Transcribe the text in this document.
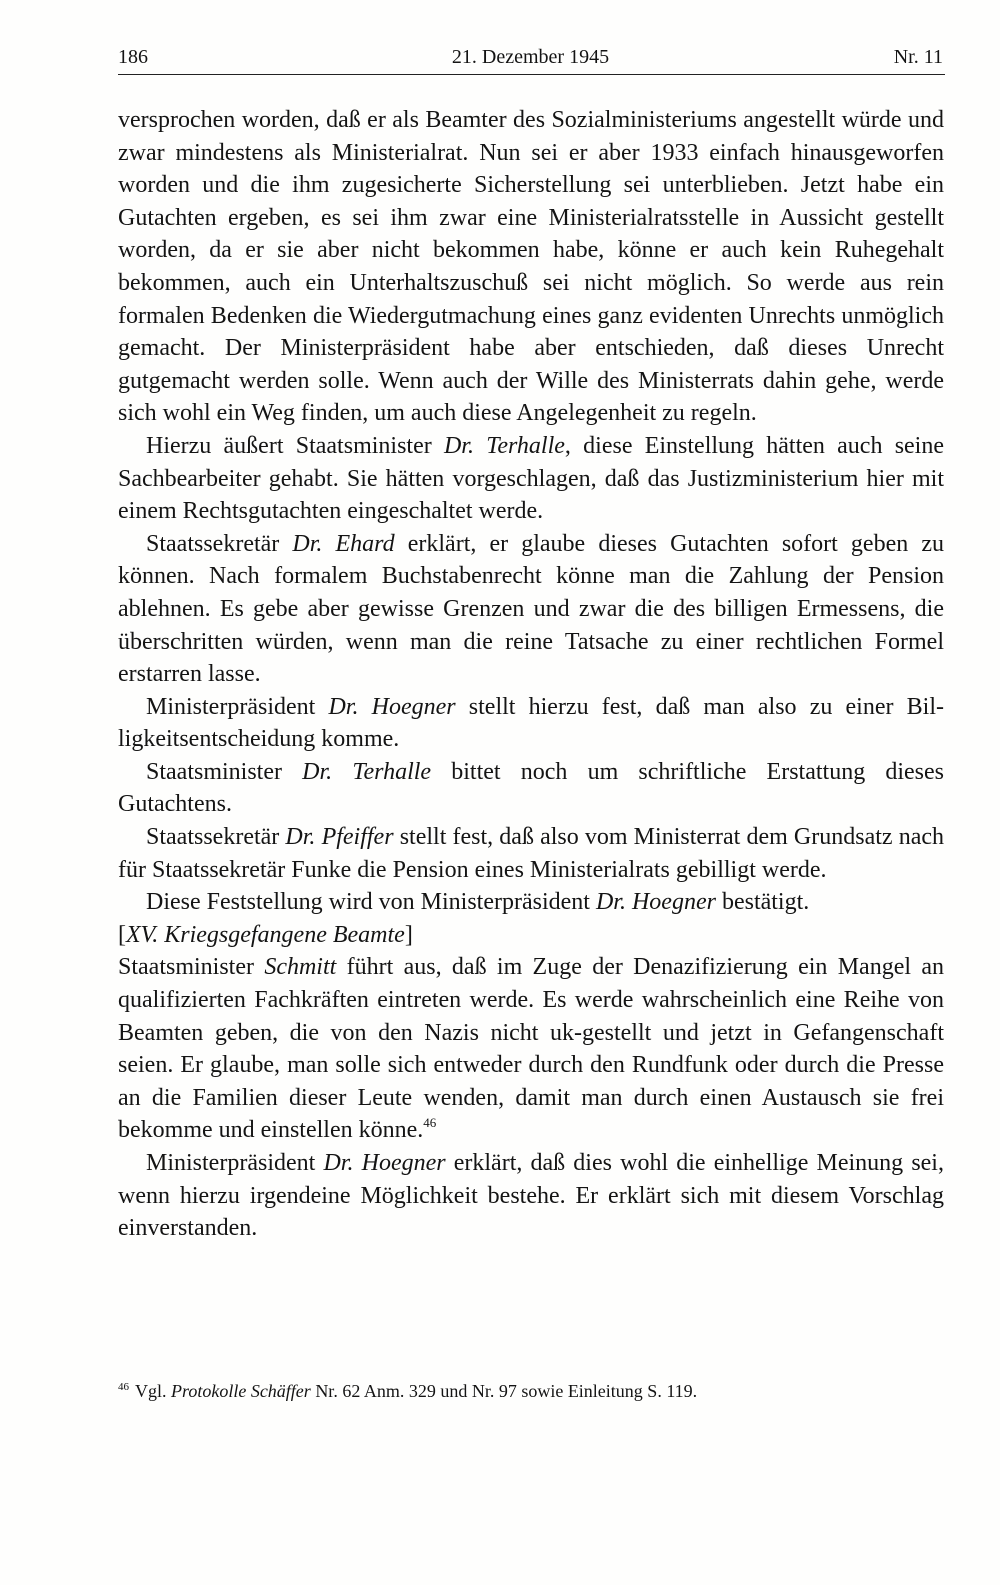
186	21. Dezember 1945	Nr. 11

versprochen worden, daß er als Beamter des Sozialministeriums angestellt würde und zwar mindestens als Ministerialrat. Nun sei er aber 1933 einfach hinausgeworfen worden und die ihm zugesicherte Sicherstellung sei unterblieben. Jetzt habe ein Gutachten ergeben, es sei ihm zwar eine Ministerialratsstelle in Aussicht gestellt worden, da er sie aber nicht bekommen habe, könne er auch kein Ruhegehalt bekommen, auch ein Unterhaltszuschuß sei nicht möglich. So werde aus rein formalen Bedenken die Wiedergutmachung eines ganz evidenten Unrechts unmöglich gemacht. Der Ministerpräsident habe aber entschieden, daß dieses Unrecht gutgemacht werden solle. Wenn auch der Wille des Ministerrats dahin gehe, werde sich wohl ein Weg finden, um auch diese Angelegenheit zu regeln.

Hierzu äußert Staatsminister Dr. Terhalle, diese Einstellung hätten auch seine Sachbearbeiter gehabt. Sie hätten vorgeschlagen, daß das Justizministerium hier mit einem Rechtsgutachten eingeschaltet werde.

Staatssekretär Dr. Ehard erklärt, er glaube dieses Gutachten sofort geben zu können. Nach formalem Buchstabenrecht könne man die Zahlung der Pension ablehnen. Es gebe aber gewisse Grenzen und zwar die des billigen Ermessens, die überschritten würden, wenn man die reine Tatsache zu einer rechtlichen Formel erstarren lasse.

Ministerpräsident Dr. Hoegner stellt hierzu fest, daß man also zu einer Billigkeitsentscheidung komme.

Staatsminister Dr. Terhalle bittet noch um schriftliche Erstattung dieses Gutachtens.

Staatssekretär Dr. Pfeiffer stellt fest, daß also vom Ministerrat dem Grundsatz nach für Staatssekretär Funke die Pension eines Ministerialrats gebilligt werde.

Diese Feststellung wird von Ministerpräsident Dr. Hoegner bestätigt.

[XV. Kriegsgefangene Beamte]

Staatsminister Schmitt führt aus, daß im Zuge der Denazifizierung ein Mangel an qualifizierten Fachkräften eintreten werde. Es werde wahrscheinlich eine Reihe von Beamten geben, die von den Nazis nicht uk-gestellt und jetzt in Gefangenschaft seien. Er glaube, man solle sich entweder durch den Rundfunk oder durch die Presse an die Familien dieser Leute wenden, damit man durch einen Austausch sie frei bekomme und einstellen könne.$^{46}$

Ministerpräsident Dr. Hoegner erklärt, daß dies wohl die einhellige Meinung sei, wenn hierzu irgendeine Möglichkeit bestehe. Er erklärt sich mit diesem Vorschlag einverstanden.

$^{46}$ Vgl. Protokolle Schäffer Nr. 62 Anm. 329 und Nr. 97 sowie Einleitung S. 119.
